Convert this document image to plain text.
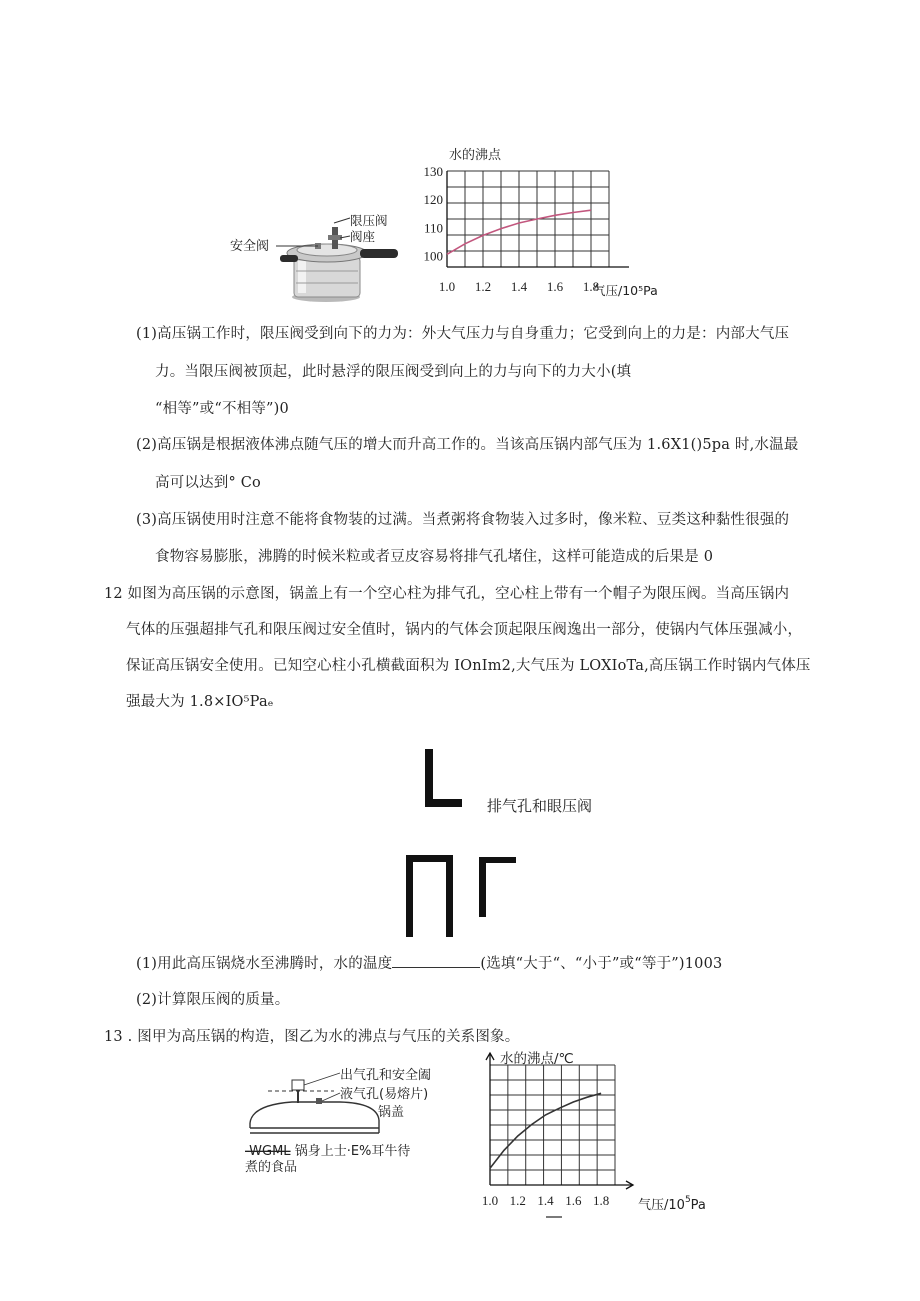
安全阀
限压阀
阀座
1.0 1.2 1.4 1.6 1.8
100
110
120
130
水的沸点
气压/10⁵Pa
(1)高压锅工作时，限压阀受到向下的力为：外大气压力与自身重力；它受到向上的力是：内部大气压
力。当限压阀被顶起，此时悬浮的限压阀受到向上的力与向下的力大小(填
“相等”或“不相等”)0
(2)高压锅是根据液体沸点随气压的增大而升高工作的。当该高压锅内部气压为 1.6X1()5pa 时,水温最
高可以达到° Co
(3)高压锅使用时注意不能将食物装的过满。当煮粥将食物装入过多时，像米粒、豆类这种黏性很强的
食物容易膨胀，沸腾的时候米粒或者豆皮容易将排气孔堵住，这样可能造成的后果是 0
12 如图为高压锅的示意图，锅盖上有一个空心柱为排气孔，空心柱上带有一个帽子为限压阀。当高压锅内
气体的压强超排气孔和限压阀过安全值时，锅内的气体会顶起限压阀逸出一部分，使锅内气体压强减小，
保证高压锅安全使用。已知空心柱小孔横截面积为 IOnIm2,大气压为 LOXIoTa,高压锅工作时锅内气体压
强最大为 1.8×IO⁵Paₑ
排气孔和眼压阀
(1)用此高压锅烧水至沸腾时，水的温度	(选填“大于“、“小于”或“等于”)1003
(2)计算限压阀的质量。
13 . 图甲为高压锅的构造，图乙为水的沸点与气压的关系图象。
出气孔和安全阖
液气孔(易熔片)
锅盖
-WGML 锅身上士·E%耳牛待
煮的食品
1.0 1.2 1.4 1.6 1.8
水的沸点/℃
气压$/10^5Pa$
